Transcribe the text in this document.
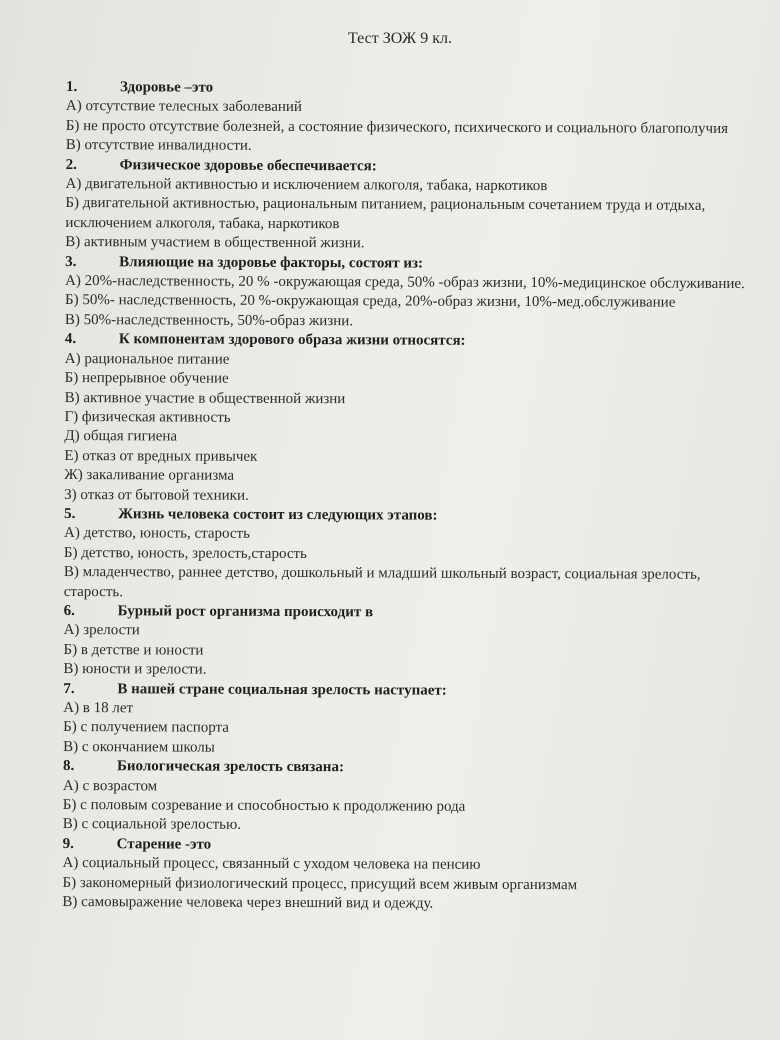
Тест ЗОЖ 9 кл.
1.	Здоровье –это
А) отсутствие телесных заболеваний
Б) не просто отсутствие болезней, а состояние физического, психического и социального благополучия
В) отсутствие инвалидности.
2.	Физическое здоровье обеспечивается:
А) двигательной активностью и исключением алкоголя, табака, наркотиков
Б) двигательной активностью, рациональным питанием, рациональным сочетанием труда и отдыха, исключением алкоголя, табака, наркотиков
В) активным участием в общественной жизни.
3.	Влияющие на здоровье факторы, состоят из:
А) 20%-наследственность, 20 % -окружающая среда, 50% -образ жизни, 10%-медицинское обслуживание.
Б) 50%- наследственность, 20 %-окружающая среда, 20%-образ жизни, 10%-мед.обслуживание
В) 50%-наследственность, 50%-образ жизни.
4.	К компонентам здорового образа жизни относятся:
А) рациональное питание
Б) непрерывное обучение
В) активное участие в общественной жизни
Г) физическая активность
Д) общая гигиена
Е) отказ от вредных привычек
Ж) закаливание организма
З) отказ от бытовой техники.
5.	Жизнь человека состоит из следующих этапов:
А) детство, юность, старость
Б) детство, юность, зрелость,старость
В) младенчество, раннее детство, дошкольный и младший школьный возраст, социальная зрелость, старость.
6.	Бурный рост организма происходит в
А) зрелости
Б) в детстве и юности
В) юности и зрелости.
7.	В нашей стране социальная зрелость наступает:
А) в 18 лет
Б) с получением паспорта
В) с окончанием школы
8.	Биологическая зрелость связана:
А) с возрастом
Б) с половым созревание и способностью к продолжению рода
В) с социальной зрелостью.
9.	Старение -это
А) социальный процесс, связанный с уходом человека на пенсию
Б) закономерный физиологический процесс, присущий всем живым организмам
В) самовыражение человека через внешний вид и одежду.
